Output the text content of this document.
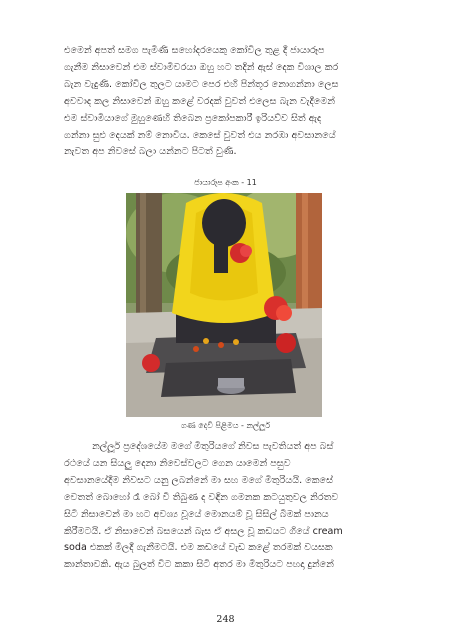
එමෙන් අපත් සමග පැමිණි සහෝදරයෙකු කෝවිල තුළ දී ජායාරූප
ගැනීම නිසාවෙන් එම ස්වාමිවරයා ඔහු හට තදින් ඇස් දෙක විශාල කර
බැන වැදුණි. කෝවිල තුලට යාමට පෙර එහි පින්තූර නොගන්නා ලෙස
අවවාද කල නිසාවෙන් ඔහු කළේ වරදක් වුවත් එලෙස බැන වැදීමෙන්
එම ස්වාමියාගේ මුහුණෙහි තිබෙන ප්‍රකෝපකාරී ඉරියව්ව සිත් ඇද
ගන්නා සුළු දෙයක් නම් නොවිය. කෙසේ වුවත් එය නරඹා අවසානයේ
නැවත අප නිවසේ බලා යන්නට පිටත් වුණි.
ජායාරූප අංක - 11
ගණ දෙවි පිළිමය - නල්ලූර්
නල්ලූර් ප්‍රදේශයේම මගේ මිතුරියගේ නිවස පැවතියත් අප බස්
රථයේ යන සියලු දෙනා නිවෙස්වලට ගෙන යාමෙන් පසුව
අවසානයේදීම නිවසට යනු ලබන්නේ මා සහ මගේ මිතුරියයි. කෙසේ
වෙතත් බොහෝ රෑ බෝ වී තිබුණ ද වඳින ගමනක කටයුතුවල නිරතව
සිටි නිසාවෙන් මා හට අවශ්‍ය වූයේ මොනයම් වූ සිසිල් බීමක් පානය
කිරීමටයි. ඒ නිසාවෙන් බසයෙන් බැස ඒ අසල වූ කඩයට ගියේ cream
soda එකක් මිලදී ගැනීමටයි. එම කඩයේ වැඩ කළේ තරමක් වයසක
කාන්තාවකි. ඇය බුලත් විට කකා සිටි අතර මා මිතුරියට පහදා දුන්නේ
248
